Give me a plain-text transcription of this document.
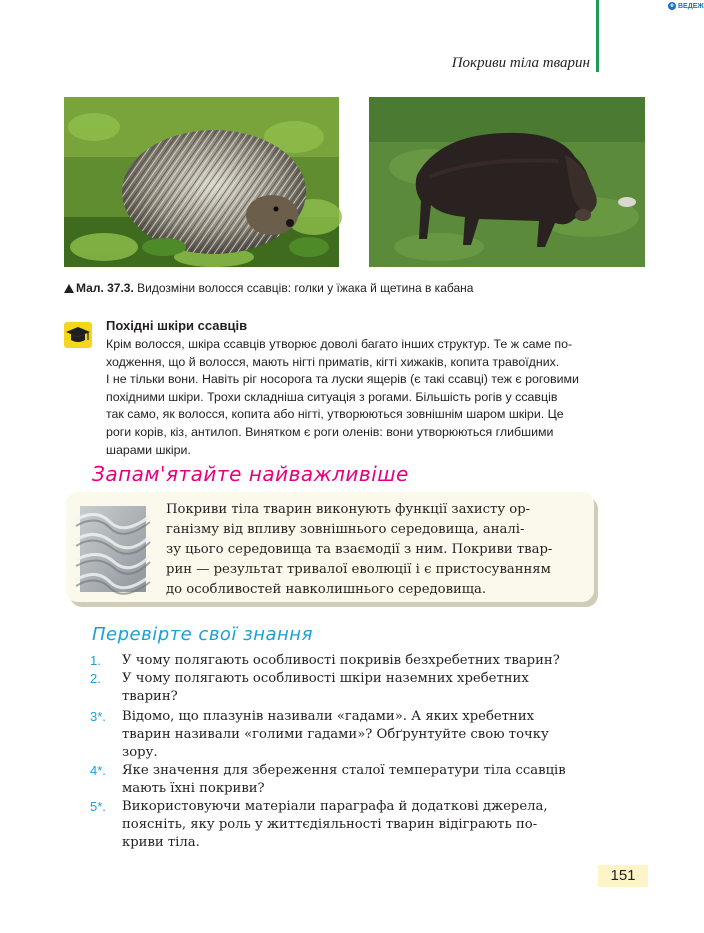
e ВЕДЕЖ
Покриви тіла тварин
Мал. 37.3. Видозміни волосся ссавців: голки у їжака й щетина в кабана
Похідні шкіри ссавців
Крім волосся, шкіра ссавців утворює доволі багато інших структур. Те ж саме по-
ходження, що й волосся, мають нігті приматів, кігті хижаків, копита травоїдних.
І не тільки вони. Навіть ріг носорога та луски ящерів (є такі ссавці) теж є роговими
похідними шкіри. Трохи складніша ситуація з рогами. Більшість рогів у ссавців
так само, як волосся, копита або нігті, утворюються зовнішнім шаром шкіри. Це
роги корів, кіз, антилоп. Винятком є роги оленів: вони утворюються глибшими
шарами шкіри.
Запам'ятайте найважливіше
Покриви тіла тварин виконують функції захисту ор-
ганізму від впливу зовнішнього середовища, аналі-
зу цього середовища та взаємодії з ним. Покриви твар-
рин — результат тривалої еволюції і є пристосуванням
до особливостей навколишнього середовища.
Перевірте свої знання
1. У чому полягають особливості покривів безхребетних тварин?
2. У чому полягають особливості шкіри наземних хребетних
тварин?
3*. Відомо, що плазунів називали «гадами». А яких хребетних
тварин називали «голими гадами»? Обґрунтуйте свою точку
зору.
4*. Яке значення для збереження сталої температури тіла ссавців
мають їхні покриви?
5*. Використовуючи матеріали параграфа й додаткові джерела,
поясніть, яку роль у життєдіяльності тварин відіграють по-
криви тіла.
151
